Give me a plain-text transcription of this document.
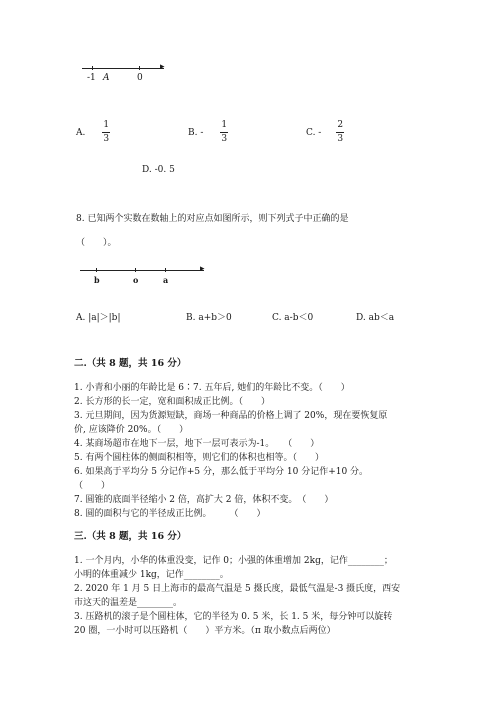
▸
-1 A	0
A. $\frac{1}{3}$	B. - $\frac{1}{3}$	C. - $\frac{2}{3}$
D. -0. 5
8. 已知两个实数在数轴上的对应点如图所示，则下列式子中正确的是
（　　）。
▸
b	o	a
A. |a|＞|b|	B. a+b＞0	C. a-b＜0	D. ab＜a
二.（共 8 题，共 16 分）
1. 小青和小丽的年龄比是 6∶7. 五年后, 她们的年龄比不变。（　　）
2. 长方形的长一定，宽和面积成正比例。（　　）
3. 元旦期间，因为货源短缺，商场一种商品的价格上调了 20%，现在要恢复原
价, 应该降价 20%。（　　）
4. 某商场超市在地下一层，地下一层可表示为-1。　　（　　）
5. 有两个圆柱体的侧面积相等，则它们的体积也相等。（　　）
6. 如果高于平均分 5 分记作+5 分，那么低于平均分 10 分记作+10 分。
（　　）
7. 圆锥的底面半径缩小 2 倍，高扩大 2 倍，体积不变。　（　　）
8. 圆的面积与它的半径成正比例。　　　（　　）
三.（共 8 题，共 16 分）
1. 一个月内，小华的体重没变，记作 0；小强的体重增加 2kg，记作________；
小明的体重减少 1kg，记作________。
2. 2020 年 1 月 5 日上海市的最高气温是 5 摄氏度，最低气温是-3 摄氏度，西安
市这天的温差是________。
3. 压路机的滚子是个圆柱体，它的半径为 0. 5 米，长 1. 5 米，每分钟可以旋转
20 圈，一小时可以压路机（　　）平方米。（π 取小数点后两位）
